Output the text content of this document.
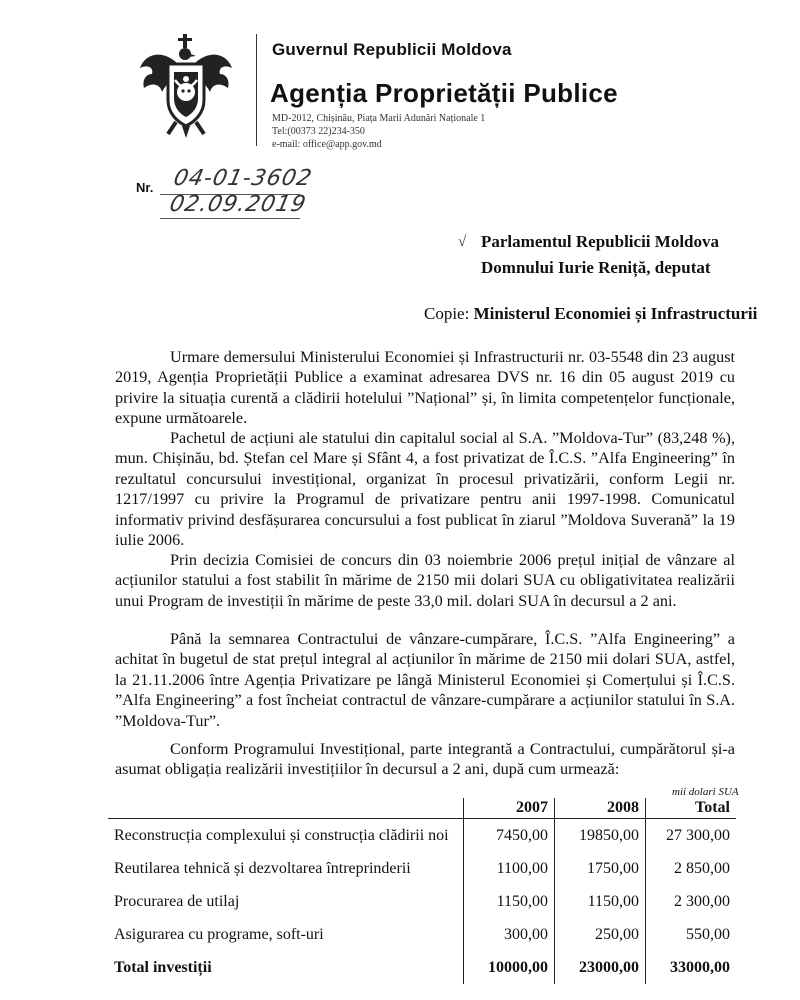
Guvernul Republicii Moldova
Agenția Proprietății Publice
MD-2012, Chișinău, Piața Marii Adunări Naționale 1
Tel:(00373 22)234-350
e-mail: office@app.gov.md
Nr. 04-01-3602
02.09.2019
√ Parlamentul Republicii Moldova
Domnului Iurie Reniță, deputat
Copie: Ministerul Economiei și Infrastructurii

Urmare demersului Ministerului Economiei și Infrastructurii nr. 03-5548 din 23 august 2019, Agenția Proprietății Publice a examinat adresarea DVS nr. 16 din 05 august 2019 cu privire la situația curentă a clădirii hotelului ”Național” și, în limita competențelor funcționale, expune următoarele.

Pachetul de acțiuni ale statului din capitalul social al S.A. ”Moldova-Tur” (83,248 %), mun. Chișinău, bd. Ștefan cel Mare și Sfânt 4, a fost privatizat de Î.C.S. ”Alfa Engineering” în rezultatul concursului investițional, organizat în procesul privatizării, conform Legii nr. 1217/1997 cu privire la Programul de privatizare pentru anii 1997-1998. Comunicatul informativ privind desfășurarea concursului a fost publicat în ziarul ”Moldova Suverană” la 19 iulie 2006.

Prin decizia Comisiei de concurs din 03 noiembrie 2006 prețul inițial de vânzare al acțiunilor statului a fost stabilit în mărime de 2150 mii dolari SUA cu obligativitatea realizării unui Program de investiții în mărime de peste 33,0 mil. dolari SUA în decursul a 2 ani.

Până la semnarea Contractului de vânzare-cumpărare, Î.C.S. ”Alfa Engineering” a achitat în bugetul de stat prețul integral al acțiunilor în mărime de 2150 mii dolari SUA, astfel, la 21.11.2006 între Agenția Privatizare pe lângă Ministerul Economiei și Comerțului și Î.C.S. ”Alfa Engineering” a fost încheiat contractul de vânzare-cumpărare a acțiunilor statului în S.A. ”Moldova-Tur”.

Conform Programului Investițional, parte integrantă a Contractului, cumpărătorul și-a asumat obligația realizării investițiilor în decursul a 2 ani, după cum urmează:

mii dolari SUA
	2007	2008	Total
Reconstrucția complexului și construcția clădirii noi	7450,00	19850,00	27 300,00
Reutilarea tehnică și dezvoltarea întreprinderii	1100,00	1750,00	2 850,00
Procurarea de utilaj	1150,00	1150,00	2 300,00
Asigurarea cu programe, soft-uri	300,00	250,00	550,00
Total investiții	10000,00	23000,00	33000,00
